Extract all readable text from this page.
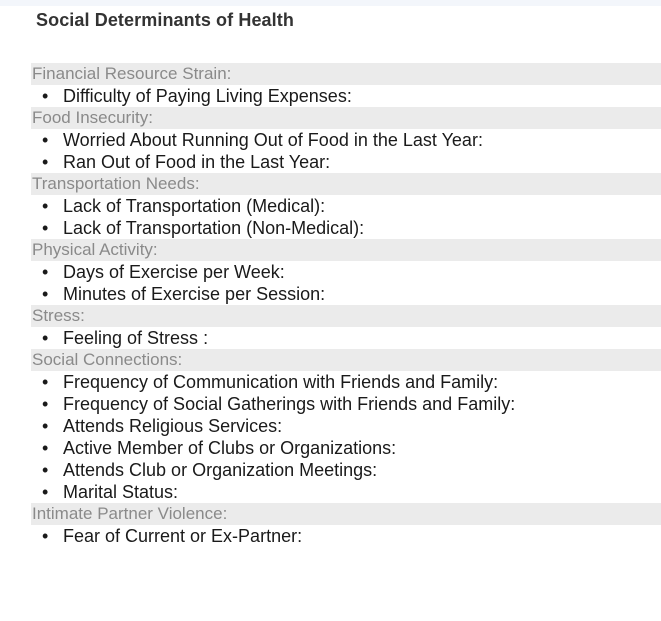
Social Determinants of Health
Financial Resource Strain:
• Difficulty of Paying Living Expenses:
Food Insecurity:
• Worried About Running Out of Food in the Last Year:
• Ran Out of Food in the Last Year:
Transportation Needs:
• Lack of Transportation (Medical):
• Lack of Transportation (Non-Medical):
Physical Activity:
• Days of Exercise per Week:
• Minutes of Exercise per Session:
Stress:
• Feeling of Stress :
Social Connections:
• Frequency of Communication with Friends and Family:
• Frequency of Social Gatherings with Friends and Family:
• Attends Religious Services:
• Active Member of Clubs or Organizations:
• Attends Club or Organization Meetings:
• Marital Status:
Intimate Partner Violence:
• Fear of Current or Ex-Partner:
